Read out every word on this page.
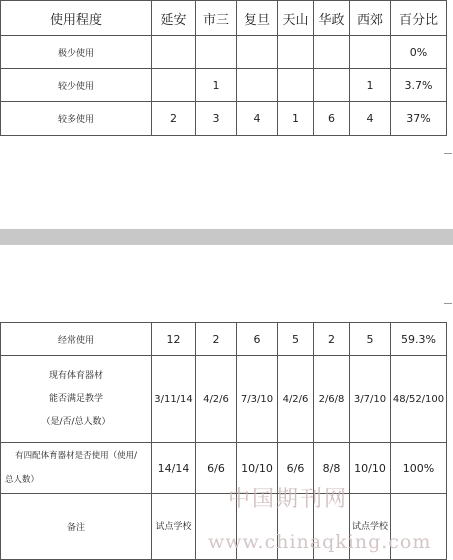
使用程度	延安	市三	复旦	天山	华政	西郊	百分比
极少使用							0%
较少使用		1				1	3.7%
较多使用	2	3	4	1	6	4	37%
经常使用	12	2	6	5	2	5	59.3%

现有体育器材
能否满足教学
（是/否/总人数）	3/11/14	4/2/6	7/3/10	4/2/6	2/6/8	3/7/10	48/52/100

有四配体育器材是否使用（使用/
总人数）	14/14	6/6	10/10	6/6	8/8	10/10	100%
备注	试点学校					试点学校	
中国期刊网
www.chinaqking.com
